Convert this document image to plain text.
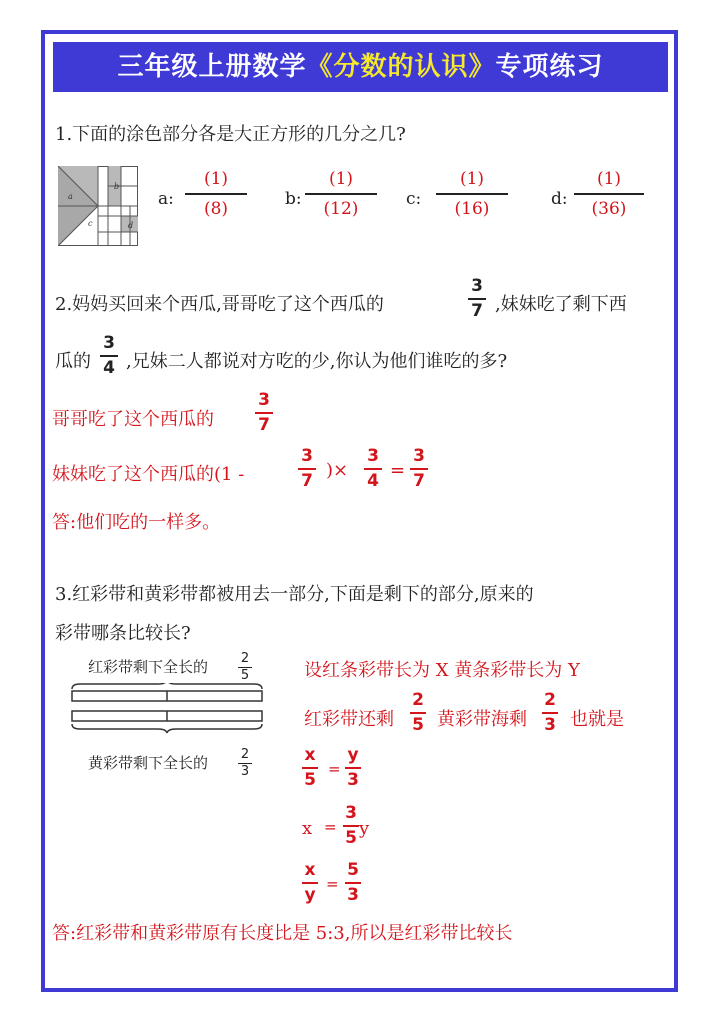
三年级上册数学《分数的认识》专项练习
1.下面的涂色部分各是大正方形的几分之几?
a
b
c	d
a:
(1)
(8)	b:
(1)
(12)	c:
(1)
(16)	d:
(1)
(36)
2.妈妈买回来个西瓜,哥哥吃了这个西瓜的
3
7 ,妹妹吃了剩下西
瓜的
3
4 ,兄妹二人都说对方吃的少,你认为他们谁吃的多?
哥哥吃了这个西瓜的
3
7
妹妹吃了这个西瓜的(1 -
3
7 )×
3
4 =
3
7
答:他们吃的一样多。
3.红彩带和黄彩带都被用去一部分,下面是剩下的部分,原来的
彩带哪条比较长?
红彩带剩下全长的	2
5
黄彩带剩下全长的	2
3
设红条彩带长为 X 黄条彩带长为 Y
红彩带还剩
2
5 黄彩带海剩
2
3 也就是
x
5
=
y
3
x =
3
5 y
x
y
=
5
3
答:红彩带和黄彩带原有长度比是 5:3,所以是红彩带比较长
